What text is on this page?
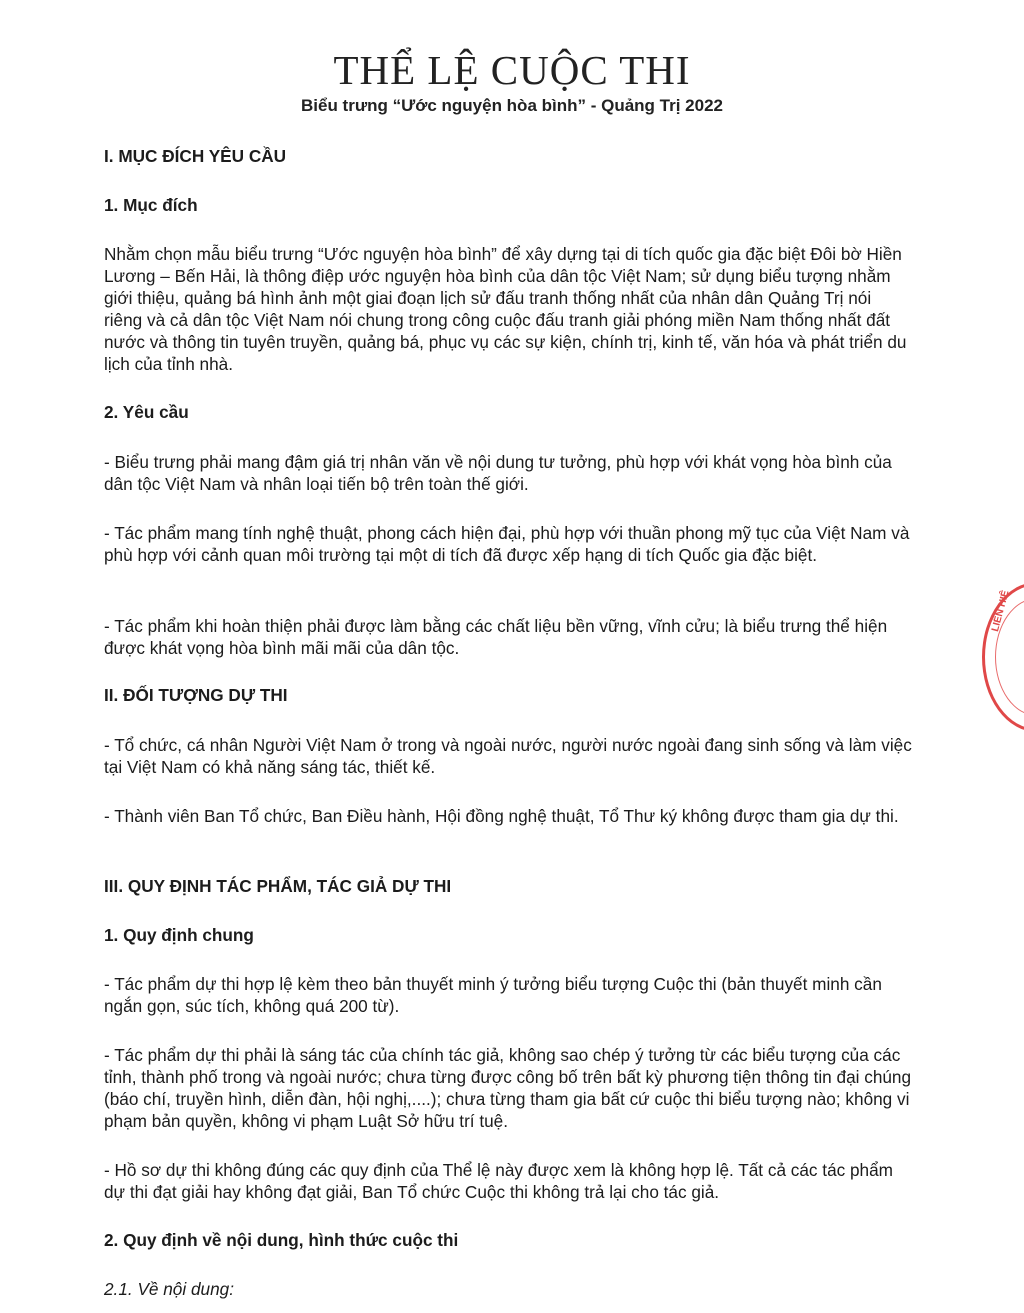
THỂ LỆ CUỘC THI
Biểu trưng “Ước nguyện hòa bình” - Quảng Trị 2022
I. MỤC ĐÍCH YÊU CẦU
1. Mục đích

Nhằm chọn mẫu biểu trưng “Ước nguyện hòa bình” để xây dựng tại di tích quốc gia đặc biệt Đôi bờ Hiền Lương – Bến Hải, là thông điệp ước nguyện hòa bình của dân tộc Việt Nam; sử dụng biểu tượng nhằm giới thiệu, quảng bá hình ảnh một giai đoạn lịch sử đấu tranh thống nhất của nhân dân Quảng Trị nói riêng và cả dân tộc Việt Nam nói chung trong công cuộc đấu tranh giải phóng miền Nam thống nhất đất nước và thông tin tuyên truyền, quảng bá, phục vụ các sự kiện, chính trị, kinh tế, văn hóa và phát triển du lịch của tỉnh nhà.

2. Yêu cầu

- Biểu trưng phải mang đậm giá trị nhân văn về nội dung tư tưởng, phù hợp với khát vọng hòa bình của dân tộc Việt Nam và nhân loại tiến bộ trên toàn thế giới.

- Tác phẩm mang tính nghệ thuật, phong cách hiện đại, phù hợp với thuần phong mỹ tục của Việt Nam và phù hợp với cảnh quan môi trường tại một di tích đã được xếp hạng di tích Quốc gia đặc biệt.

- Tác phẩm khi hoàn thiện phải được làm bằng các chất liệu bền vững, vĩnh cửu; là biểu trưng thể hiện được khát vọng hòa bình mãi mãi của dân tộc.

II. ĐỐI TƯỢNG DỰ THI

- Tổ chức, cá nhân Người Việt Nam ở trong và ngoài nước, người nước ngoài đang sinh sống và làm việc tại Việt Nam có khả năng sáng tác, thiết kế.

- Thành viên Ban Tổ chức, Ban Điều hành, Hội đồng nghệ thuật, Tổ Thư ký không được tham gia dự thi.

III. QUY ĐỊNH TÁC PHẨM, TÁC GIẢ DỰ THI
1. Quy định chung

- Tác phẩm dự thi hợp lệ kèm theo bản thuyết minh ý tưởng biểu tượng Cuộc thi (bản thuyết minh cần ngắn gọn, súc tích, không quá 200 từ).

- Tác phẩm dự thi phải là sáng tác của chính tác giả, không sao chép ý tưởng từ các biểu tượng của các tỉnh, thành phố trong và ngoài nước; chưa từng được công bố trên bất kỳ phương tiện thông tin đại chúng (báo chí, truyền hình, diễn đàn, hội nghị,....); chưa từng tham gia bất cứ cuộc thi biểu tượng nào; không vi phạm bản quyền, không vi phạm Luật Sở hữu trí tuệ.

- Hồ sơ dự thi không đúng các quy định của Thể lệ này được xem là không hợp lệ. Tất cả các tác phẩm dự thi đạt giải hay không đạt giải, Ban Tổ chức Cuộc thi không trả lại cho tác giả.

2. Quy định về nội dung, hình thức cuộc thi
2.1. Về nội dung:
LIÊN HIỆ
